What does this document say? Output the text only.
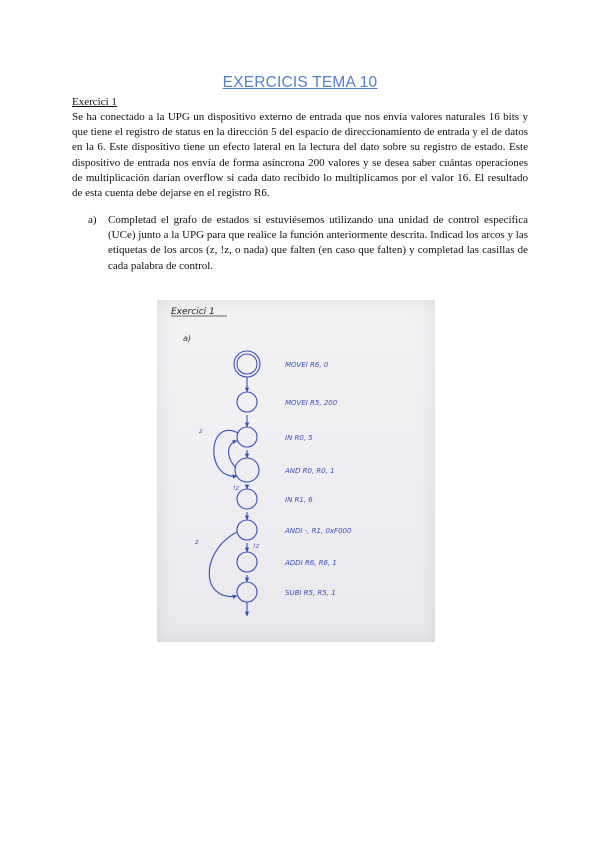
EXERCICIS TEMA 10
Exercici 1

Se ha conectado a la UPG un dispositivo externo de entrada que nos envía valores naturales 16 bits y que tiene el registro de status en la dirección 5 del espacio de direccionamiento de entrada y el de datos en la 6. Este dispositivo tiene un efecto lateral en la lectura del dato sobre su registro de estado. Este dispositivo de entrada nos envía de forma asíncrona 200 valores y se desea saber cuántas operaciones de multiplicación darían overflow si cada dato recibido lo multiplicamos por el valor 16. El resultado de esta cuenta debe dejarse en el registro R6.

a) Completad el grafo de estados si estuviésemos utilizando una unidad de control específica (UCe) junto a la UPG para que realice la función anteriormente descrita. Indicad los arcos y las etiquetas de los arcos (z, !z, o nada) que falten (en caso que falten) y completad las casillas de cada palabra de control.

Exercici 1
a)
MOVEI R6, 0
MOVEI R5, 200
IN R0, 5
AND R0, R0, 1
IN R1, 6
ANDI -, R1, 0xF000
ADDI R6, R6, 1
SUBI R5, R5, 1
z
!z
!z
z
